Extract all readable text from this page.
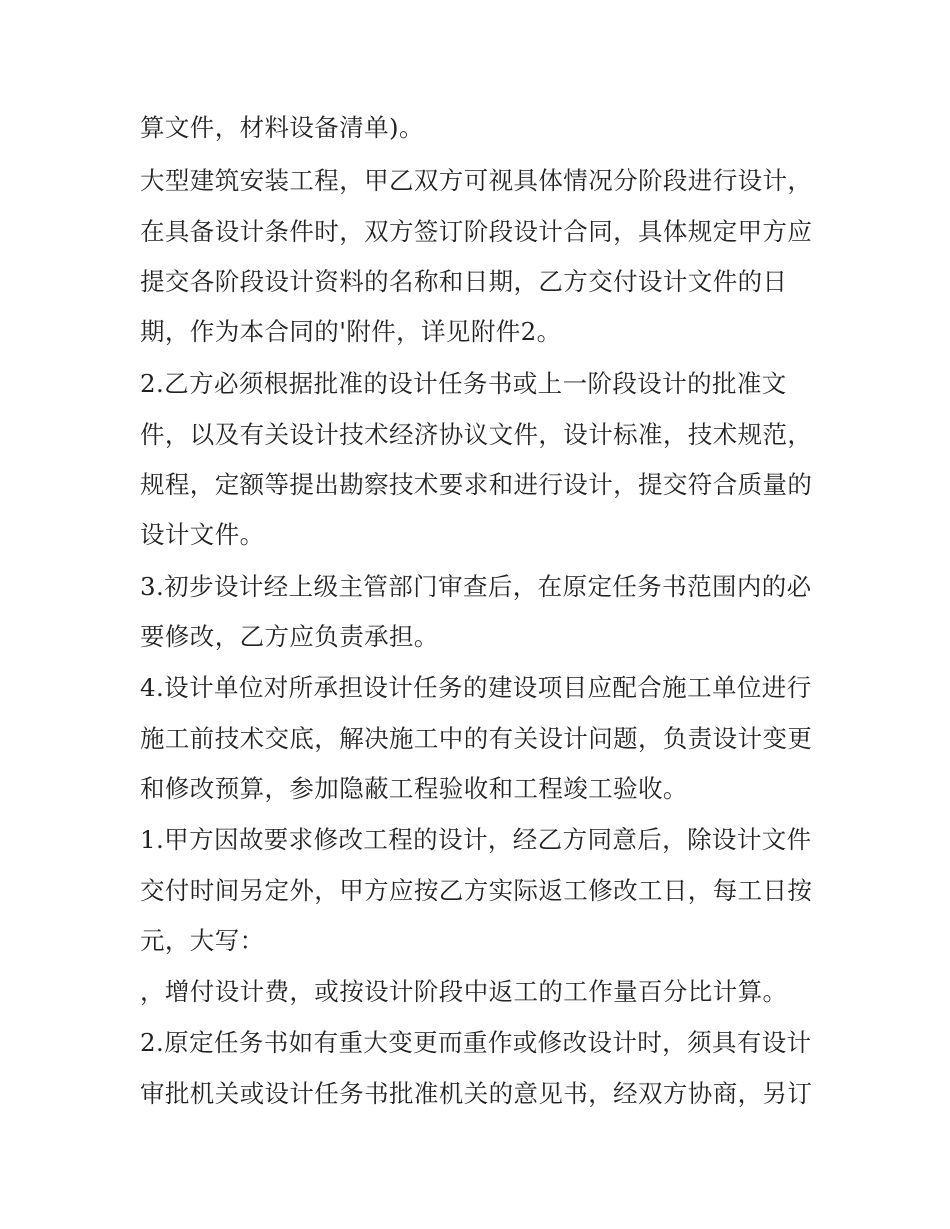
算文件，材料设备清单)。

大型建筑安装工程，甲乙双方可视具体情况分阶段进行设计，

在具备设计条件时，双方签订阶段设计合同，具体规定甲方应

提交各阶段设计资料的名称和日期，乙方交付设计文件的日

期，作为本合同的'附件，详见附件2。

2.乙方必须根据批准的设计任务书或上一阶段设计的批准文

件，以及有关设计技术经济协议文件，设计标准，技术规范，

规程，定额等提出勘察技术要求和进行设计，提交符合质量的

设计文件。

3.初步设计经上级主管部门审查后，在原定任务书范围内的必

要修改，乙方应负责承担。

4.设计单位对所承担设计任务的建设项目应配合施工单位进行

施工前技术交底，解决施工中的有关设计问题，负责设计变更

和修改预算，参加隐蔽工程验收和工程竣工验收。

1.甲方因故要求修改工程的设计，经乙方同意后，除设计文件

交付时间另定外，甲方应按乙方实际返工修改工日，每工日按

元，大写：

，增付设计费，或按设计阶段中返工的工作量百分比计算。

2.原定任务书如有重大变更而重作或修改设计时，须具有设计

审批机关或设计任务书批准机关的意见书，经双方协商，另订
